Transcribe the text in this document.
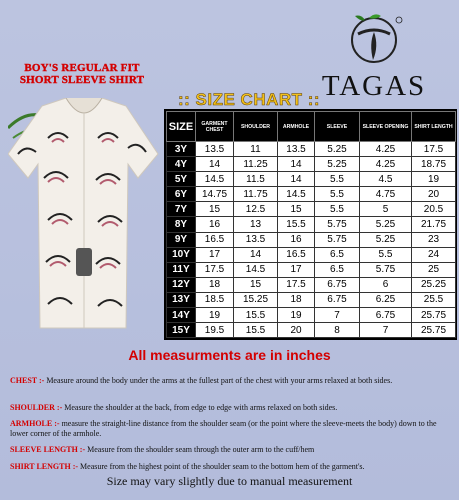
TAGAS
BOY'S REGULAR FIT
SHORT SLEEVE SHIRT
:: SIZE CHART ::
SIZE	GARMENT CHEST	SHOULDER	ARMHOLE	SLEEVE	SLEEVE OPENING	SHIRT LENGTH
3Y	13.5	11	13.5	5.25	4.25	17.5
4Y	14	11.25	14	5.25	4.25	18.75
5Y	14.5	11.5	14	5.5	4.5	19
6Y	14.75	11.75	14.5	5.5	4.75	20
7Y	15	12.5	15	5.5	5	20.5
8Y	16	13	15.5	5.75	5.25	21.75
9Y	16.5	13.5	16	5.75	5.25	23
10Y	17	14	16.5	6.5	5.5	24
11Y	17.5	14.5	17	6.5	5.75	25
12Y	18	15	17.5	6.75	6	25.25
13Y	18.5	15.25	18	6.75	6.25	25.5
14Y	19	15.5	19	7	6.75	25.75
15Y	19.5	15.5	20	8	7	25.75
All measurments are in inches
CHEST :- Measure around the body under the arms at the fullest part of the chest with your arms relaxed at both sides.
SHOULDER :- Measure the shoulder at the back, from edge to edge with arms relaxed on both sides.
ARMHOLE :- measure the straight-line distance from the shoulder seam (or the point where the sleeve-meets the body) down to the lower corner of the armhole.
SLEEVE LENGTH :- Measure from the shoulder seam through the outer arm to the cuff/hem
SHIRT LENGTH :- Measure from the highest point of the shoulder seam to the bottom hem of the garment's.
Size may vary slightly due to manual measurement
